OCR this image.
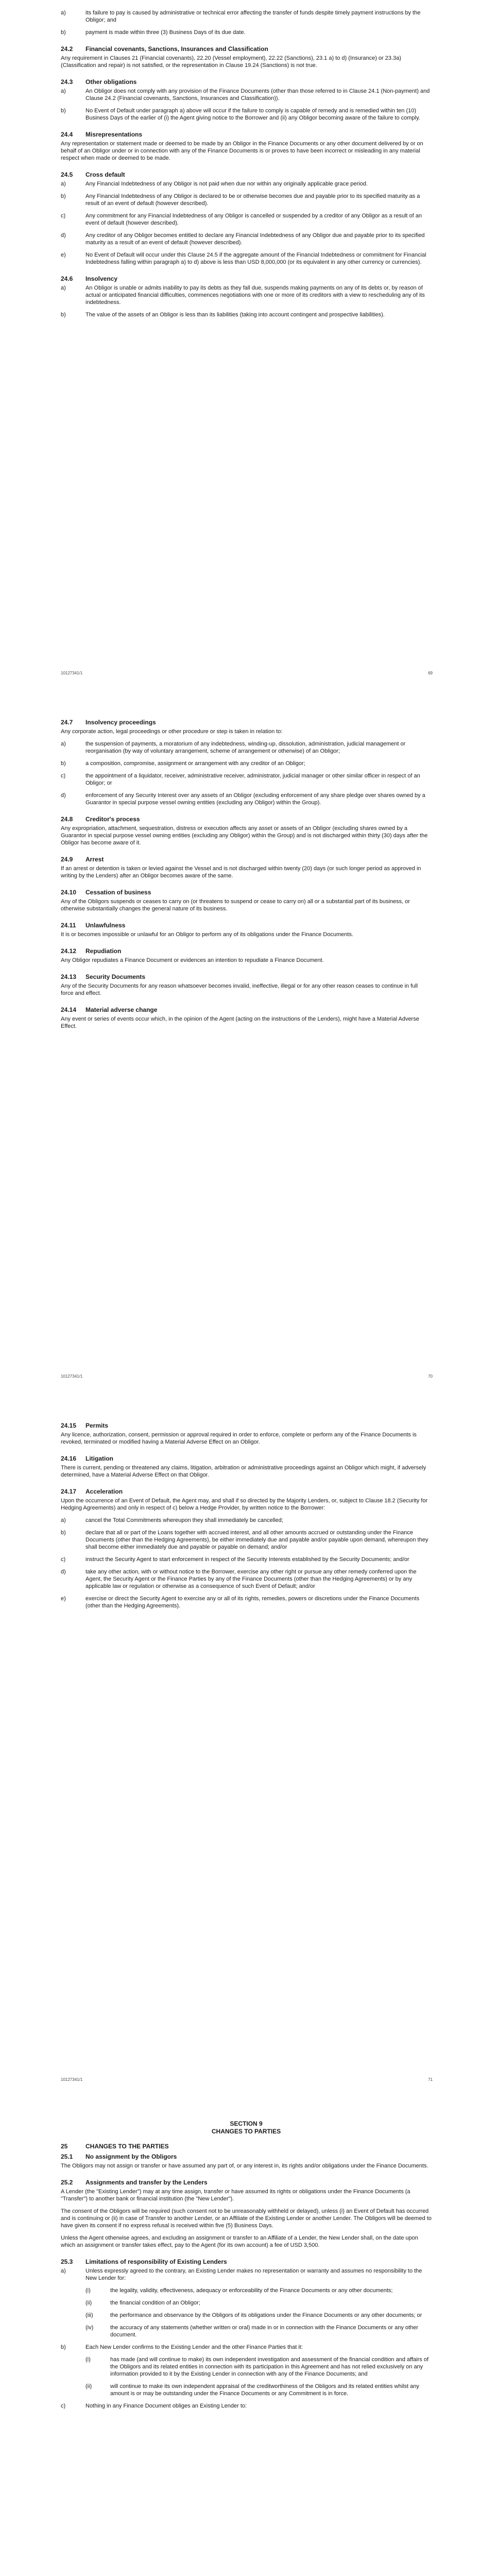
a)	its failure to pay is caused by administrative or technical error affecting the transfer of funds despite timely payment instructions by the Obligor; and
b)	payment is made within three (3) Business Days of its due date.
24.2	Financial covenants, Sanctions, Insurances and Classification
Any requirement in Clauses 21 (Financial covenants), 22.20 (Vessel employment), 22.22 (Sanctions), 23.1 a) to d) (Insurance) or 23.3a) (Classification and repair) is not satisfied, or the representation in Clause 19.24 (Sanctions) is not true.
24.3	Other obligations
a)	An Obligor does not comply with any provision of the Finance Documents (other than those referred to in Clause 24.1 (Non-payment) and Clause 24.2 (Financial covenants, Sanctions, Insurances and Classification)).
b)	No Event of Default under paragraph a) above will occur if the failure to comply is capable of remedy and is remedied within ten (10) Business Days of the earlier of (i) the Agent giving notice to the Borrower and (ii) any Obligor becoming aware of the failure to comply.
24.4	Misrepresentations
Any representation or statement made or deemed to be made by an Obligor in the Finance Documents or any other document delivered by or on behalf of an Obligor under or in connection with any of the Finance Documents is or proves to have been incorrect or misleading in any material respect when made or deemed to be made.
24.5	Cross default
a)	Any Financial Indebtedness of any Obligor is not paid when due nor within any originally applicable grace period.
b)	Any Financial Indebtedness of any Obligor is declared to be or otherwise becomes due and payable prior to its specified maturity as a result of an event of default (however described).
c)	Any commitment for any Financial Indebtedness of any Obligor is cancelled or suspended by a creditor of any Obligor as a result of an event of default (however described).
d)	Any creditor of any Obligor becomes entitled to declare any Financial Indebtedness of any Obligor due and payable prior to its specified maturity as a result of an event of default (however described).
e)	No Event of Default will occur under this Clause 24.5 if the aggregate amount of the Financial Indebtedness or commitment for Financial Indebtedness falling within paragraph a) to d) above is less than USD 8,000,000 (or its equivalent in any other currency or currencies).
24.6	Insolvency
a)	An Obligor is unable or admits inability to pay its debts as they fall due, suspends making payments on any of its debts or, by reason of actual or anticipated financial difficulties, commences negotiations with one or more of its creditors with a view to rescheduling any of its indebtedness.
b)	The value of the assets of an Obligor is less than its liabilities (taking into account contingent and prospective liabilities).
10127341/1	69
24.7	Insolvency proceedings
Any corporate action, legal proceedings or other procedure or step is taken in relation to:
a)	the suspension of payments, a moratorium of any indebtedness, winding-up, dissolution, administration, judicial management or reorganisation (by way of voluntary arrangement, scheme of arrangement or otherwise) of an Obligor;
b)	a composition, compromise, assignment or arrangement with any creditor of an Obligor;
c)	the appointment of a liquidator, receiver, administrative receiver, administrator, judicial manager or other similar officer in respect of an Obligor; or
d)	enforcement of any Security Interest over any assets of an Obligor (excluding enforcement of any share pledge over shares owned by a Guarantor in special purpose vessel owning entities (excluding any Obligor) within the Group).
24.8	Creditor's process
Any expropriation, attachment, sequestration, distress or execution affects any asset or assets of an Obligor (excluding shares owned by a Guarantor in special purpose vessel owning entities (excluding any Obligor) within the Group) and is not discharged within thirty (30) days after the Obligor has become aware of it.
24.9	Arrest
If an arrest or detention is taken or levied against the Vessel and is not discharged within twenty (20) days (or such longer period as approved in writing by the Lenders) after an Obligor becomes aware of the same.
24.10	Cessation of business
Any of the Obligors suspends or ceases to carry on (or threatens to suspend or cease to carry on) all or a substantial part of its business, or otherwise substantially changes the general nature of its business.
24.11	Unlawfulness
It is or becomes impossible or unlawful for an Obligor to perform any of its obligations under the Finance Documents.
24.12	Repudiation
Any Obligor repudiates a Finance Document or evidences an intention to repudiate a Finance Document.
24.13	Security Documents
Any of the Security Documents for any reason whatsoever becomes invalid, ineffective, illegal or for any other reason ceases to continue in full force and effect.
24.14	Material adverse change
Any event or series of events occur which, in the opinion of the Agent (acting on the instructions of the Lenders), might have a Material Adverse Effect.
10127341/1	70
24.15	Permits
Any licence, authorization, consent, permission or approval required in order to enforce, complete or perform any of the Finance Documents is revoked, terminated or modified having a Material Adverse Effect on an Obligor.
24.16	Litigation
There is current, pending or threatened any claims, litigation, arbitration or administrative proceedings against an Obligor which might, if adversely determined, have a Material Adverse Effect on that Obligor.
24.17	Acceleration
Upon the occurrence of an Event of Default, the Agent may, and shall if so directed by the Majority Lenders, or, subject to Clause 18.2 (Security for Hedging Agreements) and only in respect of c) below a Hedge Provider, by written notice to the Borrower:
a)	cancel the Total Commitments whereupon they shall immediately be cancelled;
b)	declare that all or part of the Loans together with accrued interest, and all other amounts accrued or outstanding under the Finance Documents (other than the Hedging Agreements), be either immediately due and payable and/or payable upon demand, whereupon they shall become either immediately due and payable or payable on demand; and/or
c)	instruct the Security Agent to start enforcement in respect of the Security Interests established by the Security Documents; and/or
d)	take any other action, with or without notice to the Borrower, exercise any other right or pursue any other remedy conferred upon the Agent, the Security Agent or the Finance Parties by any of the Finance Documents (other than the Hedging Agreements) or by any applicable law or regulation or otherwise as a consequence of such Event of Default; and/or
e)	exercise or direct the Security Agent to exercise any or all of its rights, remedies, powers or discretions under the Finance Documents (other than the Hedging Agreements).
10127341/1	71
SECTION 9
CHANGES TO PARTIES
25	CHANGES TO THE PARTIES
25.1	No assignment by the Obligors
The Obligors may not assign or transfer or have assumed any part of, or any interest in, its rights and/or obligations under the Finance Documents.
25.2	Assignments and transfer by the Lenders
A Lender (the "Existing Lender") may at any time assign, transfer or have assumed its rights or obligations under the Finance Documents (a "Transfer") to another bank or financial institution (the "New Lender").
The consent of the Obligors will be required (such consent not to be unreasonably withheld or delayed), unless (i) an Event of Default has occurred and is continuing or (ii) in case of Transfer to another Lender, or an Affiliate of the Existing Lender or another Lender. The Obligors will be deemed to have given its consent if no express refusal is received within five (5) Business Days.
Unless the Agent otherwise agrees, and excluding an assignment or transfer to an Affiliate of a Lender, the New Lender shall, on the date upon which an assignment or transfer takes effect, pay to the Agent (for its own account) a fee of USD 3,500.
25.3	Limitations of responsibility of Existing Lenders
a)	Unless expressly agreed to the contrary, an Existing Lender makes no representation or warranty and assumes no responsibility to the New Lender for:
(i)	the legality, validity, effectiveness, adequacy or enforceability of the Finance Documents or any other documents;
(ii)	the financial condition of an Obligor;
(iii)	the performance and observance by the Obligors of its obligations under the Finance Documents or any other documents; or
(iv)	the accuracy of any statements (whether written or oral) made in or in connection with the Finance Documents or any other document.
b)	Each New Lender confirms to the Existing Lender and the other Finance Parties that it:
(i)	has made (and will continue to make) its own independent investigation and assessment of the financial condition and affairs of the Obligors and its related entities in connection with its participation in this Agreement and has not relied exclusively on any information provided to it by the Existing Lender in connection with any of the Finance Documents; and
(ii)	will continue to make its own independent appraisal of the creditworthiness of the Obligors and its related entities whilst any amount is or may be outstanding under the Finance Documents or any Commitment is in force.
c)	Nothing in any Finance Document obliges an Existing Lender to:
